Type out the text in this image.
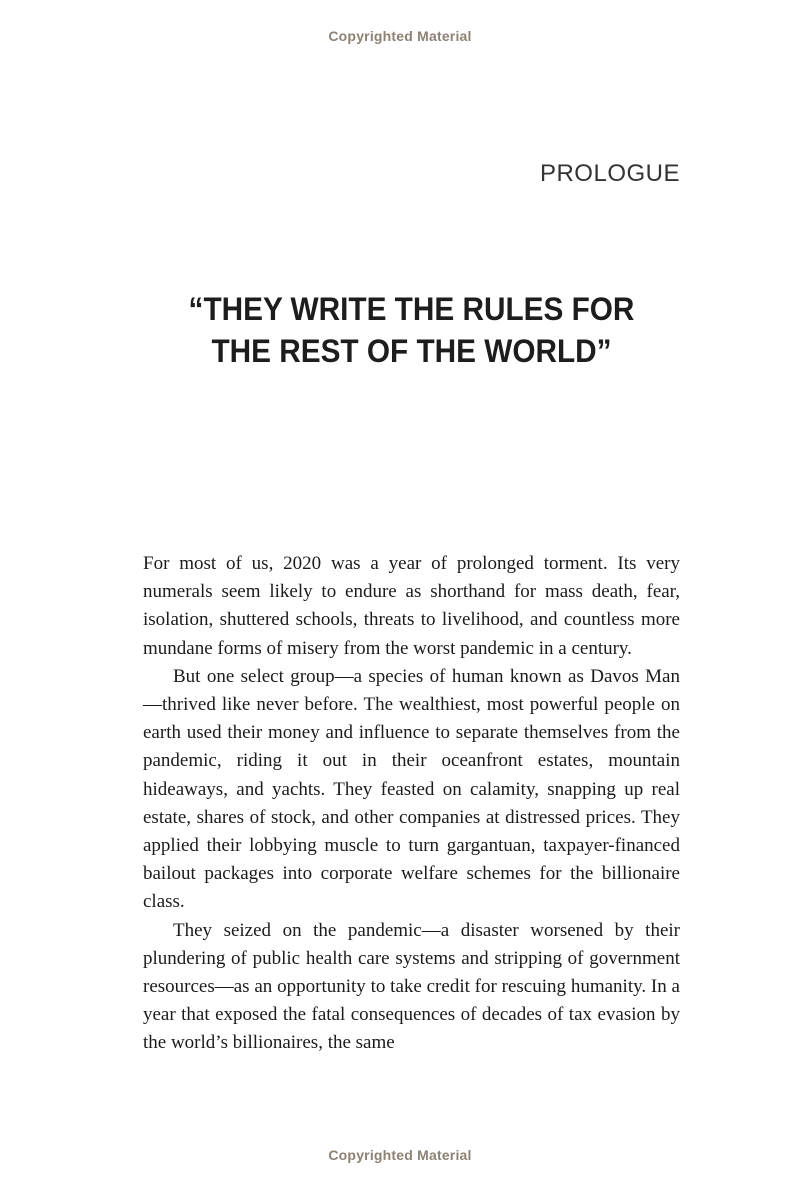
Copyrighted Material
PROLOGUE
“THEY WRITE THE RULES FOR
THE REST OF THE WORLD”

For most of us, 2020 was a year of prolonged torment. Its very numerals seem likely to endure as shorthand for mass death, fear, isolation, shuttered schools, threats to livelihood, and countless more mundane forms of misery from the worst pandemic in a century.

But one select group—a species of human known as Davos Man—thrived like never before. The wealthiest, most powerful people on earth used their money and influence to separate themselves from the pandemic, riding it out in their oceanfront estates, mountain hideaways, and yachts. They feasted on calamity, snapping up real estate, shares of stock, and other companies at distressed prices. They applied their lobbying muscle to turn gargantuan, taxpayer-financed bailout packages into corporate welfare schemes for the billionaire class.

They seized on the pandemic—a disaster worsened by their plundering of public health care systems and stripping of government resources—as an opportunity to take credit for rescuing humanity. In a year that exposed the fatal consequences of decades of tax evasion by the world’s billionaires, the same

Copyrighted Material
